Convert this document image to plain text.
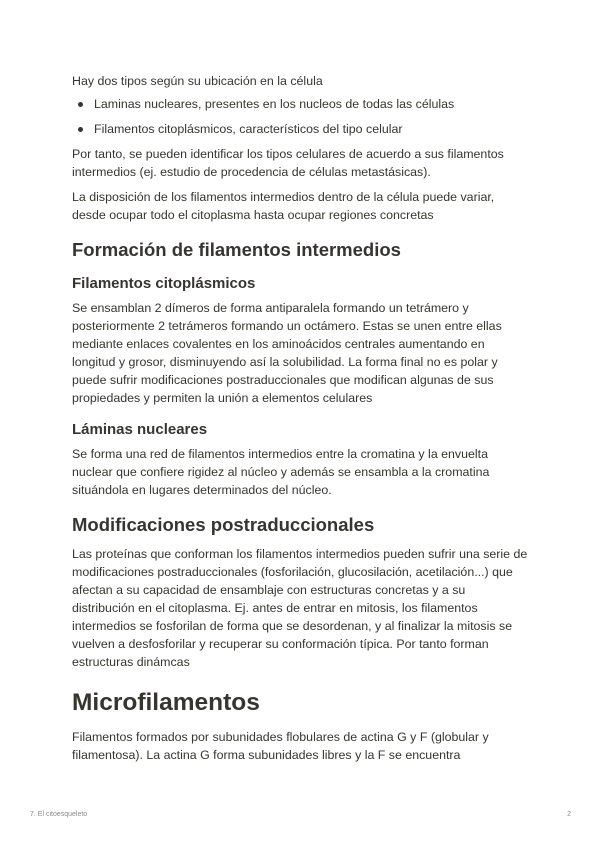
Hay dos tipos según su ubicación en la célula

Laminas nucleares, presentes en los nucleos de todas las células
Filamentos citoplásmicos, característicos del tipo celular

Por tanto, se pueden identificar los tipos celulares de acuerdo a sus filamentos intermedios (ej. estudio de procedencia de células metastásicas).

La disposición de los filamentos intermedios dentro de la célula puede variar, desde ocupar todo el citoplasma hasta ocupar regiones concretas

Formación de filamentos intermedios
Filamentos citoplásmicos

Se ensamblan 2 dímeros de forma antiparalela formando un tetrámero y posteriormente 2 tetrámeros formando un octámero. Estas se unen entre ellas mediante enlaces covalentes en los aminoácidos centrales aumentando en longitud y grosor, disminuyendo así la solubilidad. La forma final no es polar y puede sufrir modificaciones postraduccionales que modifican algunas de sus propiedades y permiten la unión a elementos celulares

Láminas nucleares

Se forma una red de filamentos intermedios entre la cromatina y la envuelta nuclear que confiere rigidez al núcleo y además se ensambla a la cromatina situándola en lugares determinados del núcleo.

Modificaciones postraduccionales

Las proteínas que conforman los filamentos intermedios pueden sufrir una serie de modificaciones postraduccionales (fosforilación, glucosilación, acetilación...) que afectan a su capacidad de ensamblaje con estructuras concretas y a su distribución en el citoplasma. Ej. antes de entrar en mitosis, los filamentos intermedios se fosforilan de forma que se desordenan, y al finalizar la mitosis se vuelven a desfosforilar y recuperar su conformación típica. Por tanto forman estructuras dinámcas

Microfilamentos

Filamentos formados por subunidades flobulares de actina G y F (globular y filamentosa). La actina G forma subunidades libres y la F se encuentra

7. El citoesqueleto	2
